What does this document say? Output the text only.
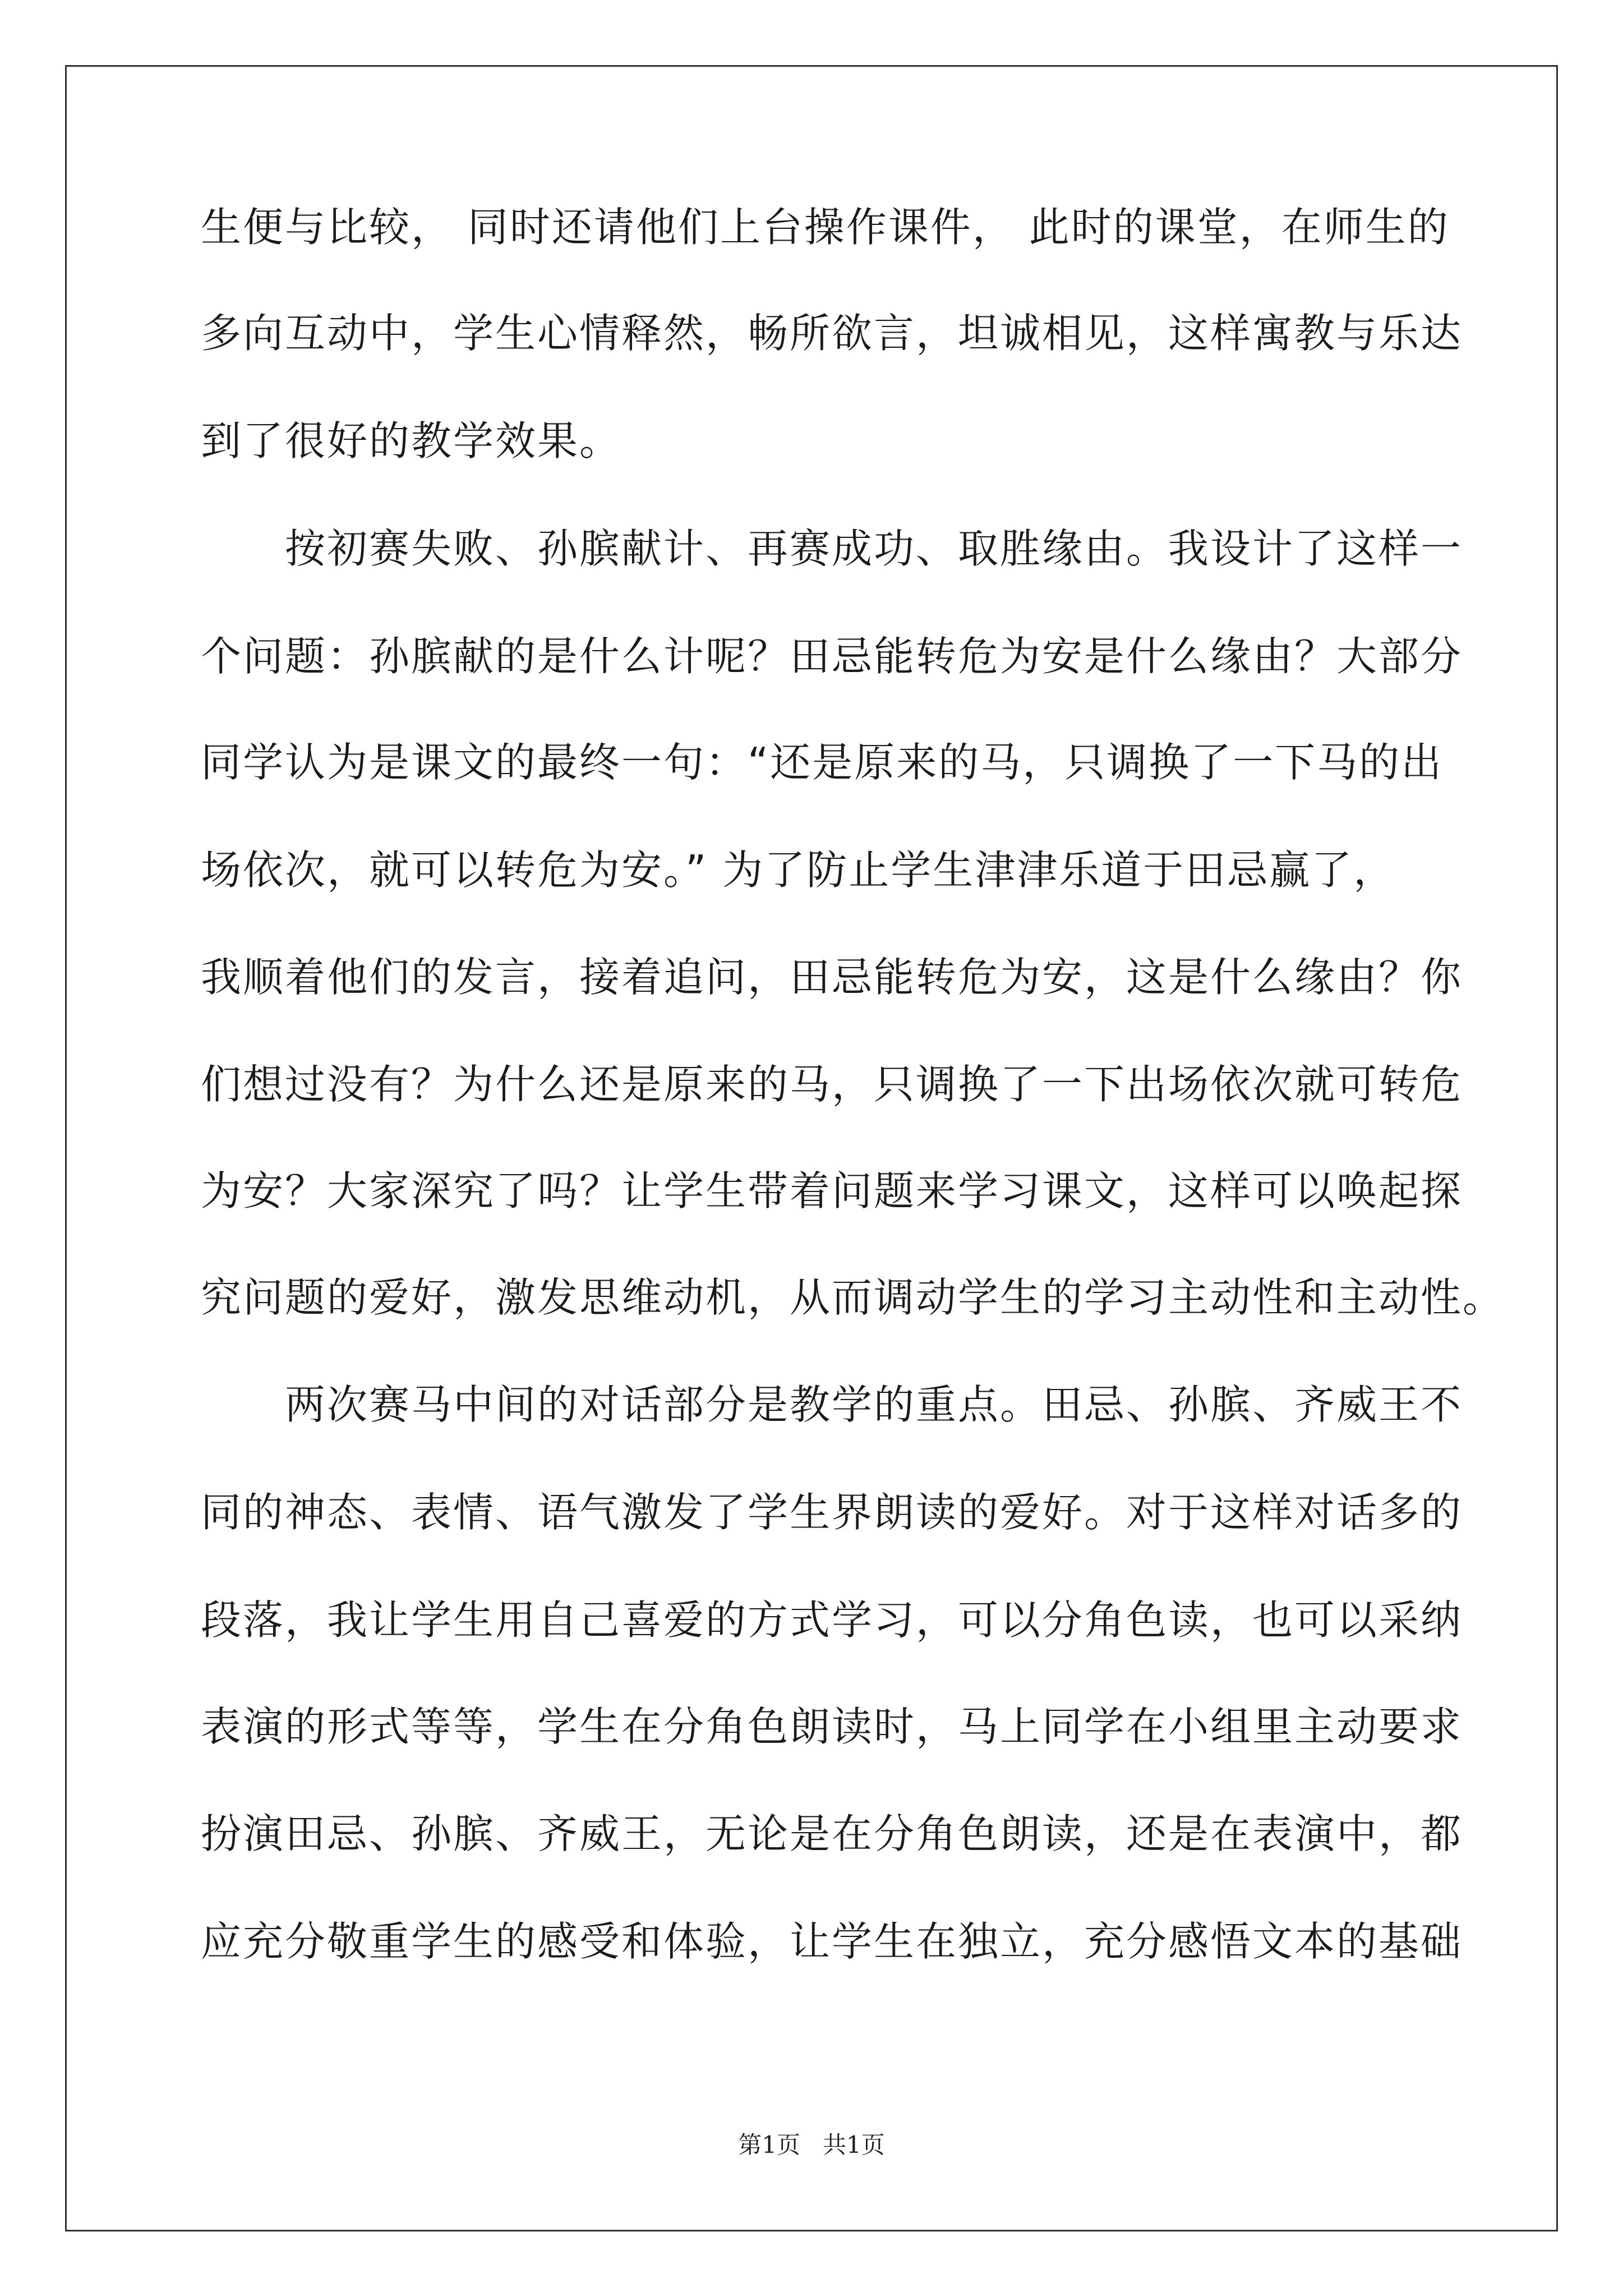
生便与比较， 同时还请他们上台操作课件， 此时的课堂，在师生的
多向互动中，学生心情释然，畅所欲言，坦诚相见，这样寓教与乐达
到了很好的教学效果。
　　按初赛失败、孙膑献计、再赛成功、取胜缘由。我设计了这样一
个问题：孙膑献的是什么计呢？田忌能转危为安是什么缘由？大部分
同学认为是课文的最终一句：“还是原来的马，只调换了一下马的出
场依次，就可以转危为安。” 为了防止学生津津乐道于田忌赢了，
我顺着他们的发言，接着追问，田忌能转危为安，这是什么缘由？你
们想过没有？为什么还是原来的马，只调换了一下出场依次就可转危
为安？大家深究了吗？让学生带着问题来学习课文，这样可以唤起探
究问题的爱好，激发思维动机，从而调动学生的学习主动性和主动性。
　　两次赛马中间的对话部分是教学的重点。田忌、孙膑、齐威王不
同的神态、表情、语气激发了学生界朗读的爱好。对于这样对话多的
段落，我让学生用自己喜爱的方式学习，可以分角色读，也可以采纳
表演的形式等等，学生在分角色朗读时，马上同学在小组里主动要求
扮演田忌、孙膑、齐威王，无论是在分角色朗读，还是在表演中，都
应充分敬重学生的感受和体验，让学生在独立，充分感悟文本的基础
第1页   共1页
